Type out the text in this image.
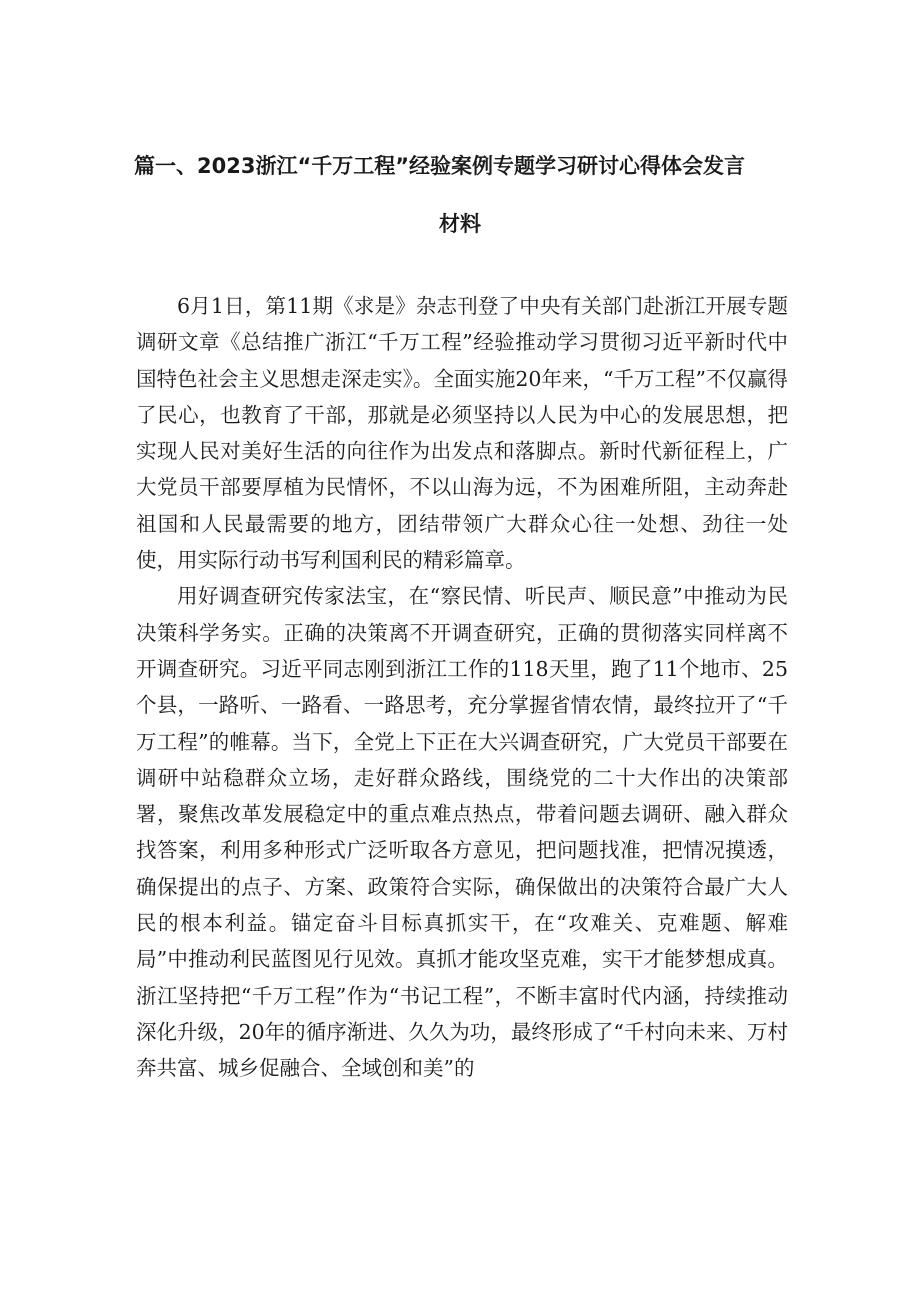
篇一、2023浙江“千万工程”经验案例专题学习研讨心得体会发言
材料

6月1日，第11期《求是》杂志刊登了中央有关部门赴浙江开展专题调研文章《总结推广浙江“千万工程”经验推动学习贯彻习近平新时代中国特色社会主义思想走深走实》。全面实施20年来，“千万工程”不仅赢得了民心，也教育了干部，那就是必须坚持以人民为中心的发展思想，把实现人民对美好生活的向往作为出发点和落脚点。新时代新征程上，广大党员干部要厚植为民情怀，不以山海为远，不为困难所阻，主动奔赴祖国和人民最需要的地方，团结带领广大群众心往一处想、劲往一处使，用实际行动书写利国利民的精彩篇章。

用好调查研究传家法宝，在“察民情、听民声、顺民意”中推动为民决策科学务实。正确的决策离不开调查研究，正确的贯彻落实同样离不开调查研究。习近平同志刚到浙江工作的118天里，跑了11个地市、25个县，一路听、一路看、一路思考，充分掌握省情农情，最终拉开了“千万工程”的帷幕。当下，全党上下正在大兴调查研究，广大党员干部要在调研中站稳群众立场，走好群众路线，围绕党的二十大作出的决策部署，聚焦改革发展稳定中的重点难点热点，带着问题去调研、融入群众找答案，利用多种形式广泛听取各方意见，把问题找准，把情况摸透，确保提出的点子、方案、政策符合实际，确保做出的决策符合最广大人民的根本利益。锚定奋斗目标真抓实干，在“攻难关、克难题、解难局”中推动利民蓝图见行见效。真抓才能攻坚克难，实干才能梦想成真。浙江坚持把“千万工程”作为“书记工程”，不断丰富时代内涵，持续推动深化升级，20年的循序渐进、久久为功，最终形成了“千村向未来、万村奔共富、城乡促融合、全域创和美”的
